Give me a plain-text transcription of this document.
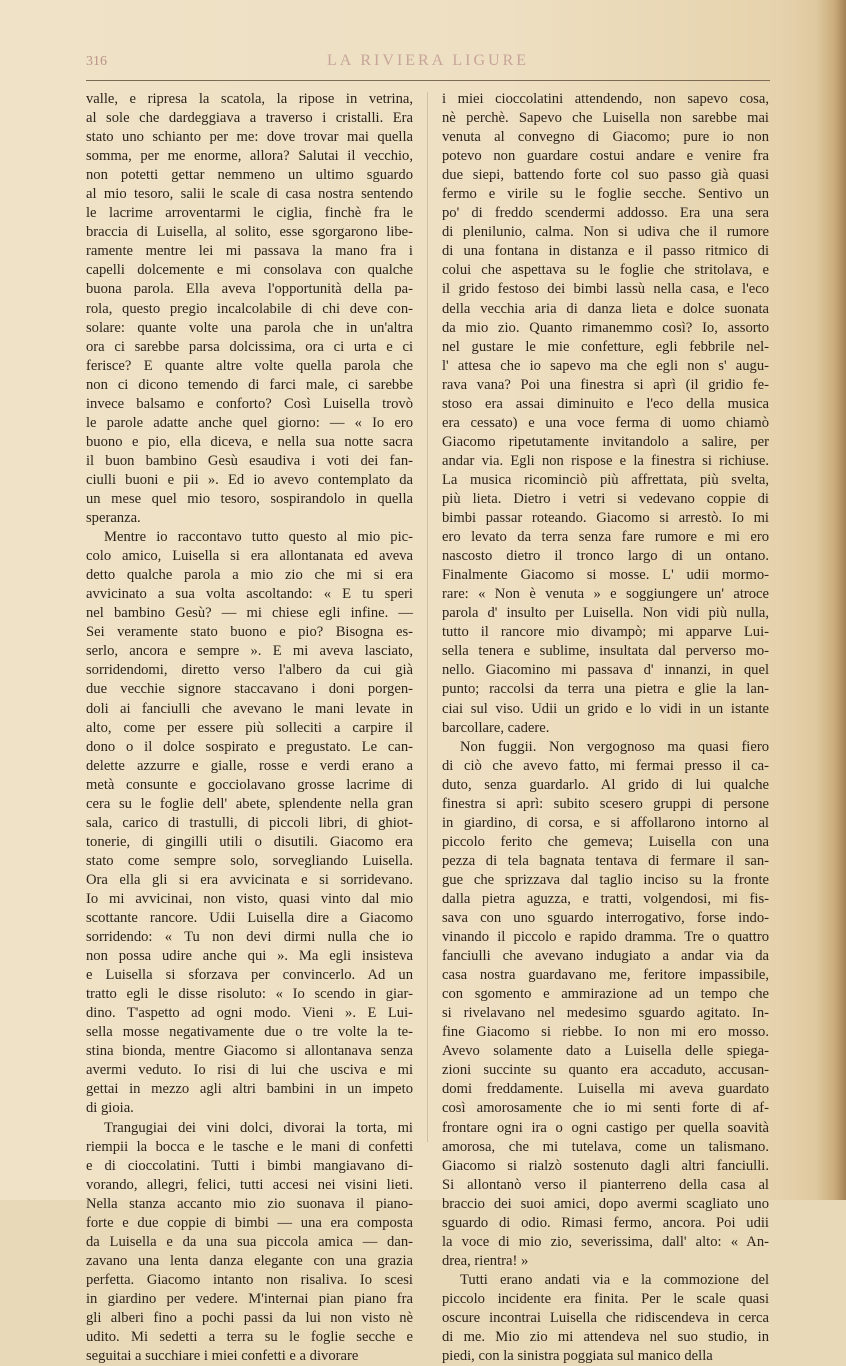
316	LA RIVIERA LIGURE
valle, e ripresa la scatola, la ripose in vetrina,
al sole che dardeggiava a traverso i cristalli. Era
stato uno schianto per me: dove trovar mai quella
somma, per me enorme, allora? Salutai il vecchio,
non potetti gettar nemmeno un ultimo sguardo
al mio tesoro, salii le scale di casa nostra sentendo
le lacrime arroventarmi le ciglia, finchè fra le
braccia di Luisella, al solito, esse sgorgarono libe-
ramente mentre lei mi passava la mano fra i
capelli dolcemente e mi consolava con qualche
buona parola. Ella aveva l'opportunità della pa-
rola, questo pregio incalcolabile di chi deve con-
solare: quante volte una parola che in un'altra
ora ci sarebbe parsa dolcissima, ora ci urta e ci
ferisce? E quante altre volte quella parola che
non ci dicono temendo di farci male, ci sarebbe
invece balsamo e conforto? Così Luisella trovò
le parole adatte anche quel giorno: — « Io ero
buono e pio, ella diceva, e nella sua notte sacra
il buon bambino Gesù esaudiva i voti dei fan-
ciulli buoni e pii ». Ed io avevo contemplato da
un mese quel mio tesoro, sospirandolo in quella
speranza.
Mentre io raccontavo tutto questo al mio pic-
colo amico, Luisella si era allontanata ed aveva
detto qualche parola a mio zio che mi si era
avvicinato a sua volta ascoltando: « E tu speri
nel bambino Gesù? — mi chiese egli infine. —
Sei veramente stato buono e pio? Bisogna es-
serlo, ancora e sempre ». E mi aveva lasciato,
sorridendomi, diretto verso l'albero da cui già
due vecchie signore staccavano i doni porgen-
doli ai fanciulli che avevano le mani levate in
alto, come per essere più solleciti a carpire il
dono o il dolce sospirato e pregustato. Le can-
delette azzurre e gialle, rosse e verdi erano a
metà consunte e gocciolavano grosse lacrime di
cera su le foglie dell' abete, splendente nella gran
sala, carico di trastulli, di piccoli libri, di ghiot-
tonerie, di gingilli utili o disutili. Giacomo era
stato come sempre solo, sorvegliando Luisella.
Ora ella gli si era avvicinata e si sorridevano.
Io mi avvicinai, non visto, quasi vinto dal mio
scottante rancore. Udii Luisella dire a Giacomo
sorridendo: « Tu non devi dirmi nulla che io
non possa udire anche qui ». Ma egli insisteva
e Luisella si sforzava per convincerlo. Ad un
tratto egli le disse risoluto: « Io scendo in giar-
dino. T'aspetto ad ogni modo. Vieni ». E Lui-
sella mosse negativamente due o tre volte la te-
stina bionda, mentre Giacomo si allontanava senza
avermi veduto. Io risi di lui che usciva e mi
gettai in mezzo agli altri bambini in un impeto
di gioia.
Trangugiai dei vini dolci, divorai la torta, mi
riempii la bocca e le tasche e le mani di confetti
e di cioccolatini. Tutti i bimbi mangiavano di-
vorando, allegri, felici, tutti accesi nei visini lieti.
Nella stanza accanto mio zio suonava il piano-
forte e due coppie di bimbi — una era composta
da Luisella e da una sua piccola amica — dan-
zavano una lenta danza elegante con una grazia
perfetta. Giacomo intanto non risaliva. Io scesi
in giardino per vedere. M'internai pian piano fra
gli alberi fino a pochi passi da lui non visto nè
udito. Mi sedetti a terra su le foglie secche e
seguitai a succhiare i miei confetti e a divorare
i miei cioccolatini attendendo, non sapevo cosa,
nè perchè. Sapevo che Luisella non sarebbe mai
venuta al convegno di Giacomo; pure io non
potevo non guardare costui andare e venire fra
due siepi, battendo forte col suo passo già quasi
fermo e virile su le foglie secche. Sentivo un
po' di freddo scendermi addosso. Era una sera
di plenilunio, calma. Non si udiva che il rumore
di una fontana in distanza e il passo ritmico di
colui che aspettava su le foglie che stritolava, e
il grido festoso dei bimbi lassù nella casa, e l'eco
della vecchia aria di danza lieta e dolce suonata
da mio zio. Quanto rimanemmo così? Io, assorto
nel gustare le mie confetture, egli febbrile nel-
l' attesa che io sapevo ma che egli non s' augu-
rava vana? Poi una finestra si aprì (il gridio fe-
stoso era assai diminuito e l'eco della musica
era cessato) e una voce ferma di uomo chiamò
Giacomo ripetutamente invitandolo a salire, per
andar via. Egli non rispose e la finestra si richiuse.
La musica ricominciò più affrettata, più svelta,
più lieta. Dietro i vetri si vedevano coppie di
bimbi passar roteando. Giacomo si arrestò. Io mi
ero levato da terra senza fare rumore e mi ero
nascosto dietro il tronco largo di un ontano.
Finalmente Giacomo si mosse. L' udii mormo-
rare: « Non è venuta » e soggiungere un' atroce
parola d' insulto per Luisella. Non vidi più nulla,
tutto il rancore mio divampò; mi apparve Lui-
sella tenera e sublime, insultata dal perverso mo-
nello. Giacomino mi passava d' innanzi, in quel
punto; raccolsi da terra una pietra e glie la lan-
ciai sul viso. Udii un grido e lo vidi in un istante
barcollare, cadere.
Non fuggii. Non vergognoso ma quasi fiero
di ciò che avevo fatto, mi fermai presso il ca-
duto, senza guardarlo. Al grido di lui qualche
finestra si aprì: subito scesero gruppi di persone
in giardino, di corsa, e si affollarono intorno al
piccolo ferito che gemeva; Luisella con una
pezza di tela bagnata tentava di fermare il san-
gue che sprizzava dal taglio inciso su la fronte
dalla pietra aguzza, e tratti, volgendosi, mi fis-
sava con uno sguardo interrogativo, forse indo-
vinando il piccolo e rapido dramma. Tre o quattro
fanciulli che avevano indugiato a andar via da
casa nostra guardavano me, feritore impassibile,
con sgomento e ammirazione ad un tempo che
si rivelavano nel medesimo sguardo agitato. In-
fine Giacomo si riebbe. Io non mi ero mosso.
Avevo solamente dato a Luisella delle spiega-
zioni succinte su quanto era accaduto, accusan-
domi freddamente. Luisella mi aveva guardato
così amorosamente che io mi senti forte di af-
frontare ogni ira o ogni castigo per quella soavità
amorosa, che mi tutelava, come un talismano.
Giacomo si rialzò sostenuto dagli altri fanciulli.
Si allontanò verso il pianterreno della casa al
braccio dei suoi amici, dopo avermi scagliato uno
sguardo di odio. Rimasi fermo, ancora. Poi udii
la voce di mio zio, severissima, dall' alto: « An-
drea, rientra! »
Tutti erano andati via e la commozione del
piccolo incidente era finita. Per le scale quasi
oscure incontrai Luisella che ridiscendeva in cerca
di me. Mio zio mi attendeva nel suo studio, in
piedi, con la sinistra poggiata sul manico della
